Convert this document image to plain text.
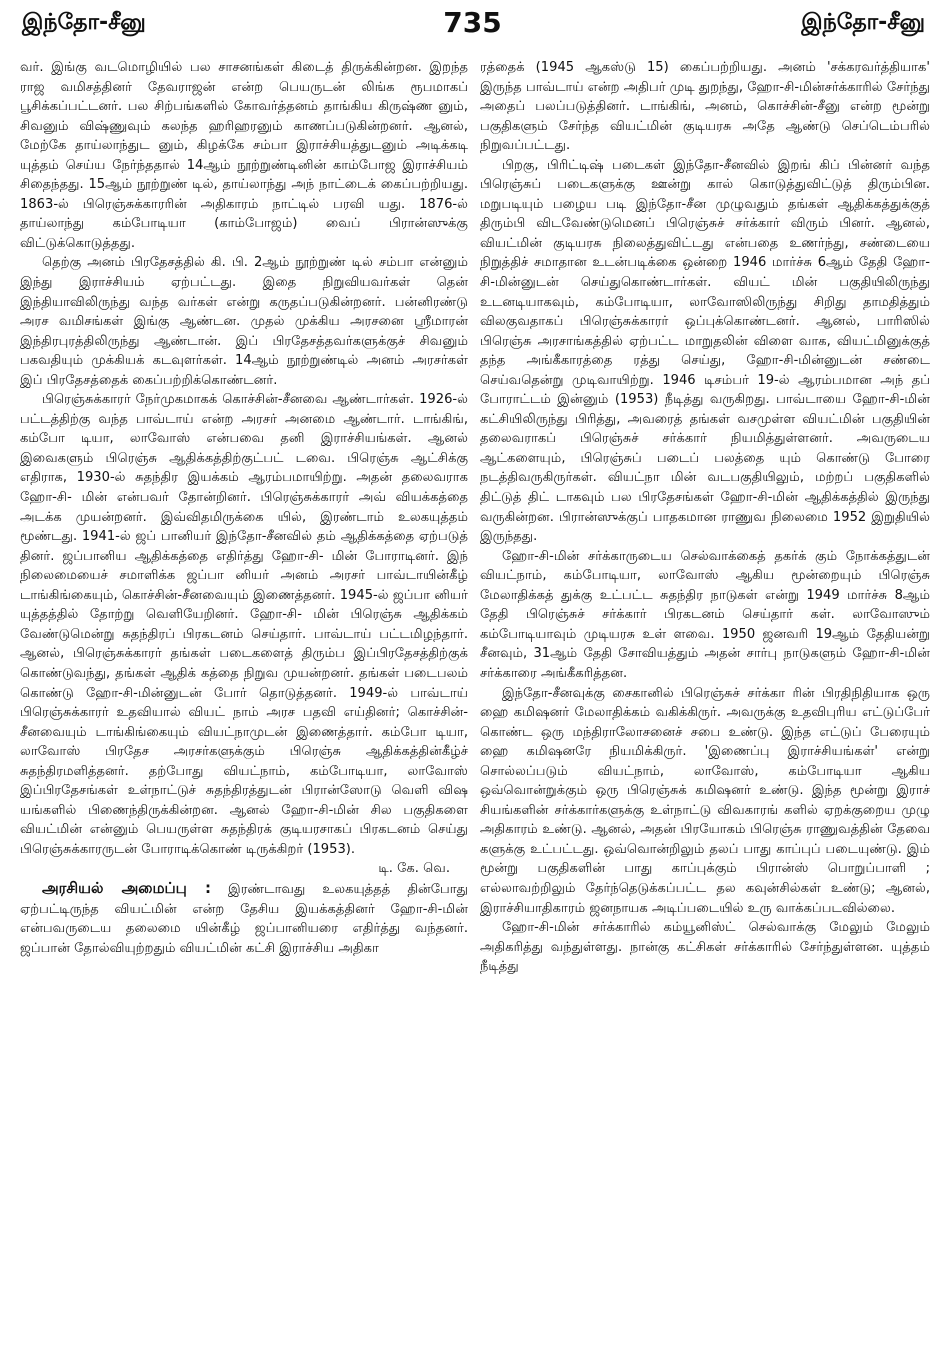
இந்தோ-சீனு	735	இந்தோ-சீனு

வர். இங்கு வடமொழியில் பல சாசனங்கள் கிடைத் திருக்கின்றன. இறந்த ராஜ வமிசத்தினர் தேவராஜன் என்ற பெயருடன் லிங்க ரூபமாகப் பூசிக்கப்பட்டனர். பல சிற்பங்களில் கோவர்த்தனம் தாங்கிய கிருஷ்ண னும், சிவனும் விஷ்ணுவும் கலந்த ஹரிஹரனும் காணப்படுகின்றனர். ஆனல், மேற்கே தாய்லாந்துட னும், கிழக்கே சம்பா இராச்சியத்துடனும் அடிக்கடி யுத்தம் செய்ய நேர்ந்ததால் 14ஆம் நூற்றுண்டினின் காம்போஜ இராச்சியம் சிதைந்தது. 15ஆம் நூற்றுண் டில், தாய்லாந்து அந் நாட்டைக் கைப்பற்றியது. 1863-ல் பிரெஞ்சுக்காரரின் அதிகாரம் நாட்டில் பரவி யது. 1876-ல் தாய்லாந்து கம்போடியா (காம்போஜம்) வைப் பிரான்ஸுக்கு விட்டுக்கொடுத்தது.

தெற்கு அனம் பிரதேசத்தில் கி. பி. 2ஆம் நூற்றுண் டில் சம்பா என்னும் இந்து இராச்சியம் ஏற்பட்டது. இதை நிறுவியவர்கள் தென் இந்தியாவிலிருந்து வந்த வர்கள் என்று கருதப்படுகின்றனர். பன்னிரண்டு அரச வமிசங்கள் இங்கு ஆண்டன. முதல் முக்கிய அரசனை ஸ்ரீமாரன் இந்திரபுரத்திலிருந்து ஆண்டான். இப் பிரதேசத்தவர்களுக்குச் சிவனும் பகவதியும் முக்கியக் கடவுளர்கள். 14ஆம் நூற்றுண்டில் அனம் அரசர்கள் இப் பிரதேசத்தைக் கைப்பற்றிக்கொண்டனர்.

பிரெஞ்சுக்காரர் நேர்முகமாகக் கொச்சின்-சீனவை ஆண்டார்கள். 1926-ல் பட்டத்திற்கு வந்த பாவ்டாய் என்ற அரசர் அனமை ஆண்டார். டாங்கிங், கம்போ டியா, லாவோஸ் என்பவை தனி இராச்சியங்கள். ஆனல் இவைகளும் பிரெஞ்சு ஆதிக்கத்திற்குட்பட் டவை. பிரெஞ்சு ஆட்சிக்கு எதிராக, 1930-ல் சுதந்திர இயக்கம் ஆரம்பமாயிற்று. அதன் தலைவராக ஹோ-சி- மின் என்பவர் தோன்றினர். பிரெஞ்சுக்காரர் அவ் வியக்கத்தை அடக்க முயன்றனர். இவ்விதமிருக்கை யில், இரண்டாம் உலகயுத்தம் மூண்டது. 1941-ல் ஜப் பானியர் இந்தோ-சீனவில் தம் ஆதிக்கத்தை ஏற்படுத் தினர். ஜப்பானிய ஆதிக்கத்தை எதிர்த்து ஹோ-சி- மின் போராடினர். இந் நிலைமையைச் சமாளிக்க ஜப்பா னியர் அனம் அரசர் பாவ்டாயின்கீழ் டாங்கிங்கையும், கொச்சின்-சீனவையும் இணைத்தனர். 1945-ல் ஜப்பா னியர் யுத்தத்தில் தோற்று வெளியேறினர். ஹோ-சி- மின் பிரெஞ்சு ஆதிக்கம் வேண்டுமென்று சுதந்திரப் பிரகடனம் செய்தார். பாவ்டாய் பட்டமிழந்தார். ஆனல், பிரெஞ்சுக்காரர் தங்கள் படைகளைத் திரும்ப இப்பிரதேசத்திற்குக் கொண்டுவந்து, தங்கள் ஆதிக் கத்தை நிறுவ முயன்றனர். தங்கள் படைபலம் கொண்டு ஹோ-சி-மின்னுடன் போர் தொடுத்தனர். 1949-ல் பாவ்டாய் பிரெஞ்சுக்காரர் உதவியால் வியட் நாம் அரச பதவி எய்தினர்; கொச்சின்-சீனவையும் டாங்கிங்கையும் வியட்நாமுடன் இணைத்தார். கம்போ டியா, லாவோஸ் பிரதேச அரசர்களுக்கும் பிரெஞ்சு ஆதிக்கத்தின்கீழ்ச் சுதந்திரமளித்தனர். தற்போது வியட்நாம், கம்போடியா, லாவோஸ் இப்பிரதேசங்கள் உள்நாட்டுச் சுதந்திரத்துடன் பிரான்ஸோடு வெளி விஷ யங்களில் பிணைந்திருக்கின்றன. ஆனல் ஹோ-சி-மின் சில பகுதிகளை வியட்மின் என்னும் பெயருள்ள சுதந்திரக் குடியரசாகப் பிரகடனம் செய்து பிரெஞ்சுக்காரருடன் போராடிக்கொண் டிருக்கிறர் (1953).

டி. கே. வெ.

அரசியல் அமைப்பு : இரண்டாவது உலகயுத்தத் தின்போது ஏற்பட்டிருந்த வியட்மின் என்ற தேசிய இயக்கத்தினர் ஹோ-சி-மின் என்பவருடைய தலைமை யின்கீழ் ஜப்பானியரை எதிர்த்து வந்தனர். ஜப்பான் தோல்வியுற்றதும் வியட்மின் கட்சி இராச்சிய அதிகா

ரத்தைக் (1945 ஆகஸ்டு 15) கைப்பற்றியது. அனம் 'சக்கரவர்த்தியாக' இருந்த பாவ்டாய் என்ற அதிபர் முடி துறந்து, ஹோ-சி-மின்சர்க்காரில் சேர்ந்து அதைப் பலப்படுத்தினர். டாங்கிங், அனம், கொச்சின்-சீனு என்ற மூன்று பகுதிகளும் சேர்ந்த வியட்மின் குடியரசு அதே ஆண்டு செப்டெம்பரில் நிறுவப்பட்டது.

பிறகு, பிரிட்டிஷ் படைகள் இந்தோ-சீனவில் இறங் கிப் பின்னர் வந்த பிரெஞ்சுப் படைகளுக்கு ஊன்று கால் கொடுத்துவிட்டுத் திரும்பின. மறுபடியும் பழைய படி இந்தோ-சீன முழுவதும் தங்கள் ஆதிக்கத்துக்குத் திரும்பி விடவேண்டுமெனப் பிரெஞ்சுச் சர்க்கார் விரும் பினர். ஆனல், வியட்மின் குடியரசு நிலைத்துவிட்டது என்பதை உணர்ந்து, சண்டையை நிறுத்திச் சமாதான உடன்படிக்கை ஒன்றை 1946 மார்ச்சு 6ஆம் தேதி ஹோ-சி-மின்னுடன் செய்துகொண்டார்கள். வியட் மின் பகுதியிலிருந்து உடனடியாகவும், கம்போடியா, லாவோஸிலிருந்து சிறிது தாமதித்தும் விலகுவதாகப் பிரெஞ்சுக்காரர் ஒப்புக்கொண்டனர். ஆனல், பாரிஸில் பிரெஞ்சு அரசாங்கத்தில் ஏற்பட்ட மாறுதலின் விளை வாக, வியட்மினுக்குத் தந்த அங்கீகாரத்தை ரத்து செய்து, ஹோ-சி-மின்னுடன் சண்டை செய்வதென்று முடிவாயிற்று. 1946 டிசம்பர் 19-ல் ஆரம்பமான அந் தப் போராட்டம் இன்னும் (1953) நீடித்து வருகிறது. பாவ்டாயை ஹோ-சி-மின் கட்சியிலிருந்து பிரித்து, அவரைத் தங்கள் வசமுள்ள வியட்மின் பகுதியின் தலைவராகப் பிரெஞ்சுச் சர்க்கார் நியமித்துள்ளனர். அவருடைய ஆட்களையும், பிரெஞ்சுப் படைப் பலத்தை யும் கொண்டு போரை நடத்திவருகிருர்கள். வியட்நா மின் வடபகுதியிலும், மற்றப் பகுதிகளில் திட்டுத் திட் டாகவும் பல பிரதேசங்கள் ஹோ-சி-மின் ஆதிக்கத்தில் இருந்து வருகின்றன. பிரான்ஸுக்குப் பாதகமான ராணுவ நிலைமை 1952 இறுதியில் இருந்தது.

ஹோ-சி-மின் சர்க்காருடைய செல்வாக்கைத் தகர்க் கும் நோக்கத்துடன் வியட்நாம், கம்போடியா, லாவோஸ் ஆகிய மூன்றையும் பிரெஞ்சு மேலாதிக்கத் துக்கு உட்பட்ட சுதந்திர நாடுகள் என்று 1949 மார்ச்சு 8ஆம் தேதி பிரெஞ்சுச் சர்க்கார் பிரகடனம் செய்தார் கள். லாவோஸும் கம்போடியாவும் முடியரசு உள் ளவை. 1950 ஜனவரி 19ஆம் தேதியன்று சீனவும், 31ஆம் தேதி சோவியத்தும் அதன் சார்பு நாடுகளும் ஹோ-சி-மின் சர்க்காரை அங்கீகரித்தன.

இந்தோ-சீனவுக்கு சைகானில் பிரெஞ்சுச் சர்க்கா ரின் பிரதிநிதியாக ஒரு ஹை கமிஷனர் மேலாதிக்கம் வகிக்கிருர். அவருக்கு உதவிபுரிய எட்டுப்பேர் கொண்ட ஒரு மந்திராலோசனைச் சபை உண்டு. இந்த எட்டுப் பேரையும் ஹை கமிஷனரே நியமிக்கிருர். 'இணைப்பு இராச்சியங்கள்' என்று சொல்லப்படும் வியட்நாம், லாவோஸ், கம்போடியா ஆகிய ஒவ்வொன்றுக்கும் ஒரு பிரெஞ்சுக் கமிஷனர் உண்டு. இந்த மூன்று இராச் சியங்களின் சர்க்கார்களுக்கு உள்நாட்டு விவகாரங் களில் ஏறக்குறைய முழு அதிகாரம் உண்டு. ஆனல், அதன் பிரயோகம் பிரெஞ்சு ராணுவத்தின் தேவை களுக்கு உட்பட்டது. ஒவ்வொன்றிலும் தலப் பாது காப்புப் படையுண்டு. இம் மூன்று பகுதிகளின் பாது காப்புக்கும் பிரான்ஸ் பொறுப்பாளி ; எல்லாவற்றிலும் தேர்ந்தெடுக்கப்பட்ட தல கவுன்சில்கள் உண்டு; ஆனல், இராச்சியாதிகாரம் ஜனநாயக அடிப்படையில் உரு வாக்கப்படவில்லை.

ஹோ-சி-மின் சர்க்காரில் கம்யூனிஸ்ட் செல்வாக்கு மேலும் மேலும் அதிகரித்து வந்துள்ளது. நான்கு கட்சிகள் சர்க்காரில் சேர்ந்துள்ளன. யுத்தம் நீடித்து
